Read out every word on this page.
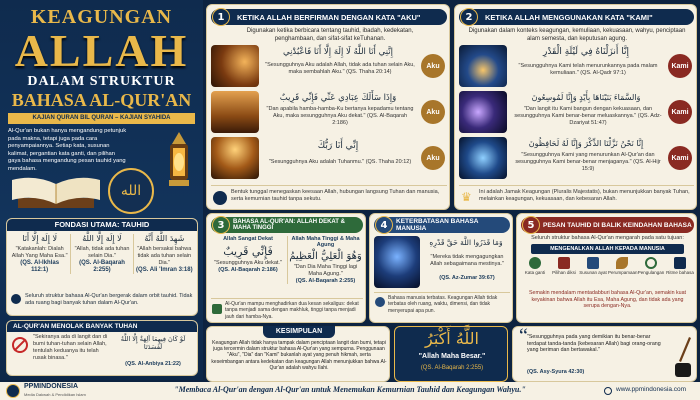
KEAGUNGAN
ALLAH
DALAM STRUKTUR
BAHASA AL-QUR'AN
KAJIAN QURAN BIL QURAN – KAJIAN SYAHIDA
Al-Qur'an bukan hanya mengandung petunjuk pada makna, tetapi juga pada cara penyampaiannya. Setiap kata, susunan kalimat, pergantian kata ganti, dan pilihan gaya bahasa mengandung pesan tauhid yang mendalam.
الله
FONDASI UTAMA: TAUHID
لَا إِلَهَ إِلَّا أَنَا
"Katakanlah: Dialah Allah Yang Maha Esa."
(QS. Al-Ikhlas 112:1)
لَا إِلَهَ إِلَّا اللَّهُ
"Allah, tidak ada tuhan selain Dia."
(QS. Al-Baqarah 2:255)
شَهِدَ اللَّهُ أَنَّهُ
"Allah bersaksi bahwa tidak ada tuhan selain Dia."
(QS. Ali 'Imran 3:18)
Seluruh struktur bahasa Al-Qur'an bergerak dalam orbit tauhid. Tidak ada ruang bagi banyak tuhan dalam Al-Qur'an.
AL-QUR'AN MENOLAK BANYAK TUHAN
"Sekiranya ada di langit dan di bumi tuhan-tuhan selain Allah, tentulah keduanya itu telah rusak binasa."
لَوْ كَانَ فِيهِمَا آلِهَةٌ إِلَّا اللَّهُ لَفَسَدَتَا
(QS. Al-Anbiya 21:22)
KETIKA ALLAH BERFIRMAN DENGAN KATA "AKU"
1
Digunakan ketika berbicara tentang tauhid, ibadah, kedekatan, penghambaan, dan sifat-sifat keTuhanan.
إِنَّنِي أَنَا اللَّهُ لَا إِلَهَ إِلَّا أَنَا فَاعْبُدْنِي
"Sesungguhnya Aku adalah Allah, tidak ada tuhan selain Aku, maka sembahlah Aku." (QS. Thaha 20:14)
Aku
وَإِذَا سَأَلَكَ عِبَادِي عَنِّي فَإِنِّي قَرِيبٌ
"Dan apabila hamba-hamba-Ku bertanya kepadamu tentang Aku, maka sesungguhnya Aku dekat." (QS. Al-Baqarah 2:186)
Aku
إِنِّي أَنَا رَبُّكَ
"Sesungguhnya Aku adalah Tuhanmu." (QS. Thaha 20:12)
Aku
Bentuk tunggal menegaskan keesaan Allah, hubungan langsung Tuhan dan manusia, serta kemurnian tauhid tanpa sekutu.
KETIKA ALLAH MENGGUNAKAN KATA "KAMI"
2
Digunakan dalam konteks keagungan, kemuliaan, kekuasaan, wahyu, penciptaan alam semesta, dan keputusan agung.
إِنَّا أَنزَلْنَاهُ فِي لَيْلَةِ الْقَدْرِ
"Sesungguhnya Kami telah menurunkannya pada malam kemuliaan." (QS. Al-Qadr 97:1)
Kami
وَالسَّمَاءَ بَنَيْنَاهَا بِأَيْدٍ وَإِنَّا لَمُوسِعُونَ
"Dan langit itu Kami bangun dengan kekuasaan, dan sesungguhnya Kami benar-benar meluaskannya." (QS. Adz-Dzariyat 51:47)
Kami
إِنَّا نَحْنُ نَزَّلْنَا الذِّكْرَ وَإِنَّا لَهُ لَحَافِظُونَ
"Sesungguhnya Kami yang menurunkan Al-Qur'an dan sesungguhnya Kami benar-benar menjaganya." (QS. Al-Hijr 15:9)
Kami
♛ Ini adalah Jamak Keagungan (Pluralis Majestatis), bukan menunjukkan banyak Tuhan, melainkan keagungan, kekuasaan, dan kebesaran Allah.
BAHASA AL-QUR'AN: ALLAH DEKAT & MAHA TINGGI
3
Allah Sangat Dekat
فَإِنِّي قَرِيبٌ
"Sesungguhnya Aku dekat."
(QS. Al-Baqarah 2:186)
Allah Maha Tinggi & Maha Agung
وَهُوَ الْعَلِيُّ الْعَظِيمُ
"Dan Dia Maha Tinggi lagi Maha Agung."
(QS. Al-Baqarah 2:255)
Al-Qur'an mampu menghadirkan dua kesan sekaligus: dekat tanpa menjadi sama dengan makhluk, tinggi tanpa menjadi jauh dari hamba-Nya.
KETERBATASAN BAHASA MANUSIA
4
وَمَا قَدَرُوا اللَّهَ حَقَّ قَدْرِهِ
"Mereka tidak mengagungkan Allah sebagaimana mestinya."
(QS. Az-Zumar 39:67)
Bahasa manusia terbatas. Keagungan Allah tidak terbatas oleh ruang, waktu, dimensi, dan tidak menyerupai apa pun.
PESAN TAUHID DI BALIK KEINDAHAN BAHASA
5
Seluruh struktur bahasa Al-Qur'an mengarah pada satu tujuan:
MENGENALKAN ALLAH KEPADA MANUSIA
Kata ganti	Pilihan diksi Susunan ayat Perumpamaan Pengulangan Ritme bahasa
Semakin mendalam mentadabburi bahasa Al-Qur'an, semakin kuat keyakinan bahwa Allah itu Esa, Maha Agung, dan tidak ada yang serupa dengan-Nya.
KESIMPULAN
Keagungan Allah tidak hanya tampak dalam penciptaan langit dan bumi, tetapi juga tercermin dalam struktur bahasa Al-Qur'an yang sempurna. Penggunaan "Aku", "Dia" dan "Kami" bukanlah ayat yang penuh hikmah, serta keseimbangan antara kedekatan dan keagungan Allah menunjukkan bahwa Al-Qur'an adalah wahyu Ilahi.
اللَّهُ أَكْبَرُ
"Allah Maha Besar."
(QS. Al-Baqarah 2:255)
“ "Sesungguhnya pada yang demikian itu benar-benar terdapat tanda-tanda (kebesaran Allah) bagi orang-orang yang beriman dan bertawakal."
(QS. Asy-Syura 42:30)
PPMINDONESIA
Media Dakwah & Pendidikan Islam
"Membaca Al-Qur'an dengan Al-Qur'an untuk Menemukan Kemurnian Tauhid dan Keagungan Wahyu."	www.ppmindonesia.com
